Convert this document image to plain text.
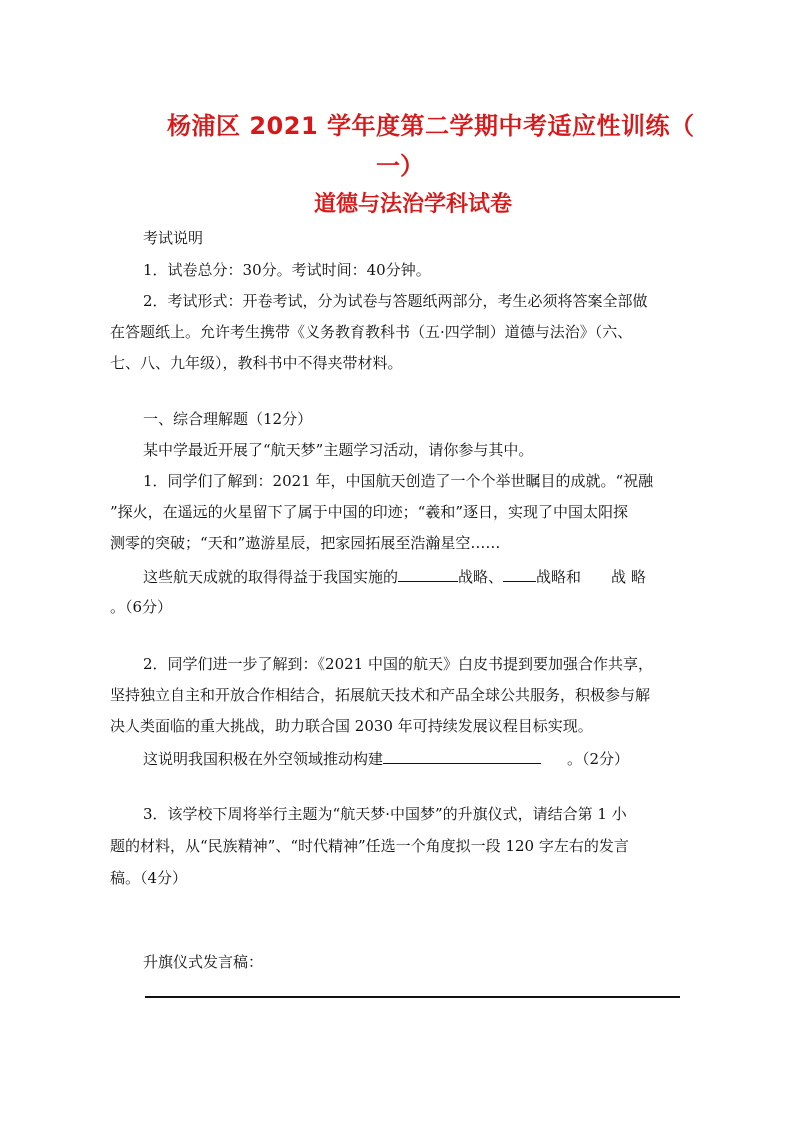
杨浦区 2021 学年度第二学期中考适应性训练（
一）
道德与法治学科试卷
考试说明
1．试卷总分：30分。考试时间：40分钟。
2．考试形式：开卷考试，分为试卷与答题纸两部分，考生必须将答案全部做
在答题纸上。允许考生携带《义务教育教科书（五·四学制）道德与法治》（六、
七、八、九年级），教科书中不得夹带材料。
一、综合理解题（12分）
某中学最近开展了“航天梦”主题学习活动，请你参与其中。
1．同学们了解到：2021 年，中国航天创造了一个个举世瞩目的成就。“祝融
”探火，在遥远的火星留下了属于中国的印迹；“羲和”逐日，实现了中国太阳探
测零的突破；“天和”遨游星辰，把家园拓展至浩瀚星空……
这些航天成就的取得得益于我国实施的	战略、 战略和 战 略
。（6分）
2．同学们进一步了解到：《2021 中国的航天》白皮书提到要加强合作共享，
坚持独立自主和开放合作相结合，拓展航天技术和产品全球公共服务，积极参与解
决人类面临的重大挑战，助力联合国 2030 年可持续发展议程目标实现。
这说明我国积极在外空领域推动构建	。（2分）
3．该学校下周将举行主题为“航天梦·中国梦”的升旗仪式，请结合第 1 小
题的材料，从“民族精神”、“时代精神”任选一个角度拟一段 120 字左右的发言
稿。（4分）
升旗仪式发言稿：
